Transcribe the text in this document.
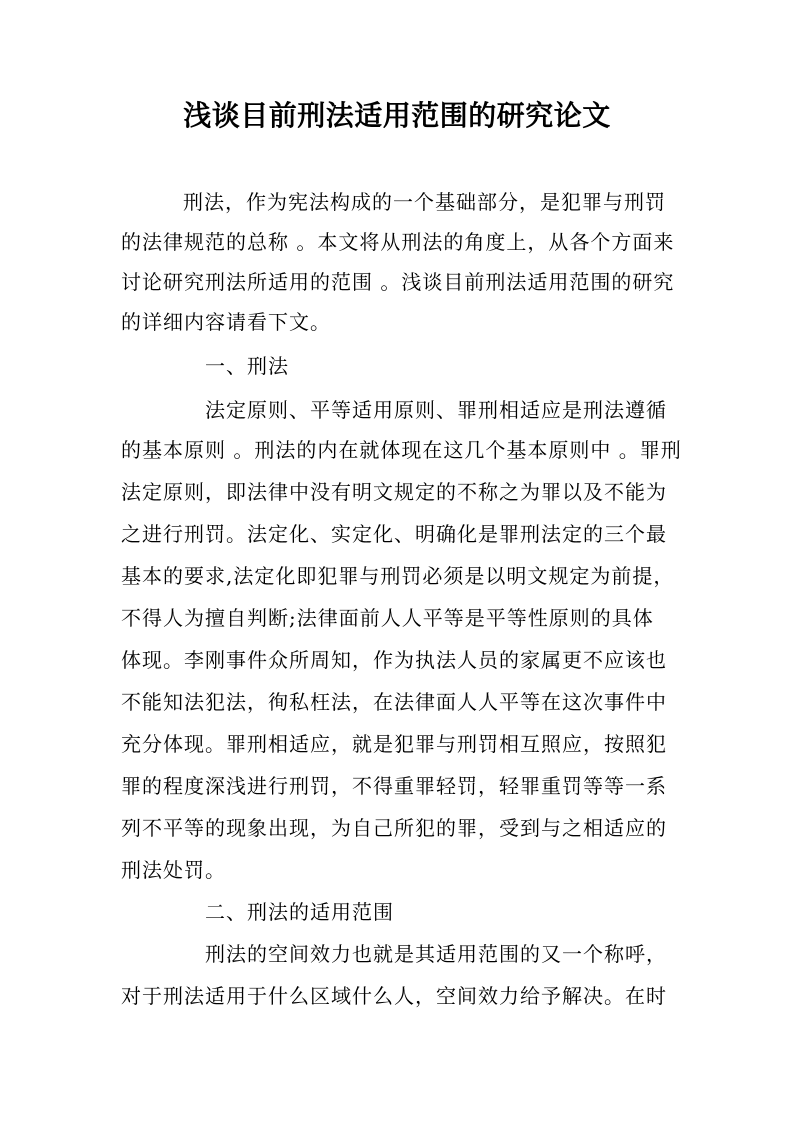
浅谈目前刑法适用范围的研究论文
刑法，作为宪法构成的一个基础部分，是犯罪与刑罚
的法律规范的总称 。本文将从刑法的角度上，从各个方面来
讨论研究刑法所适用的范围 。浅谈目前刑法适用范围的研究
的详细内容请看下文。
一、刑法
法定原则、平等适用原则、罪刑相适应是刑法遵循
的基本原则 。刑法的内在就体现在这几个基本原则中 。罪刑
法定原则，即法律中没有明文规定的不称之为罪以及不能为
之进行刑罚。法定化、实定化、明确化是罪刑法定的三个最
基本的要求,法定化即犯罪与刑罚必须是以明文规定为前提，
不得人为擅自判断;法律面前人人平等是平等性原则的具体
体现。李刚事件众所周知，作为执法人员的家属更不应该也
不能知法犯法，徇私枉法，在法律面人人平等在这次事件中
充分体现。罪刑相适应，就是犯罪与刑罚相互照应，按照犯
罪的程度深浅进行刑罚，不得重罪轻罚，轻罪重罚等等一系
列不平等的现象出现，为自己所犯的罪，受到与之相适应的
刑法处罚。
二、刑法的适用范围
刑法的空间效力也就是其适用范围的又一个称呼，
对于刑法适用于什么区域什么人，空间效力给予解决。在时
